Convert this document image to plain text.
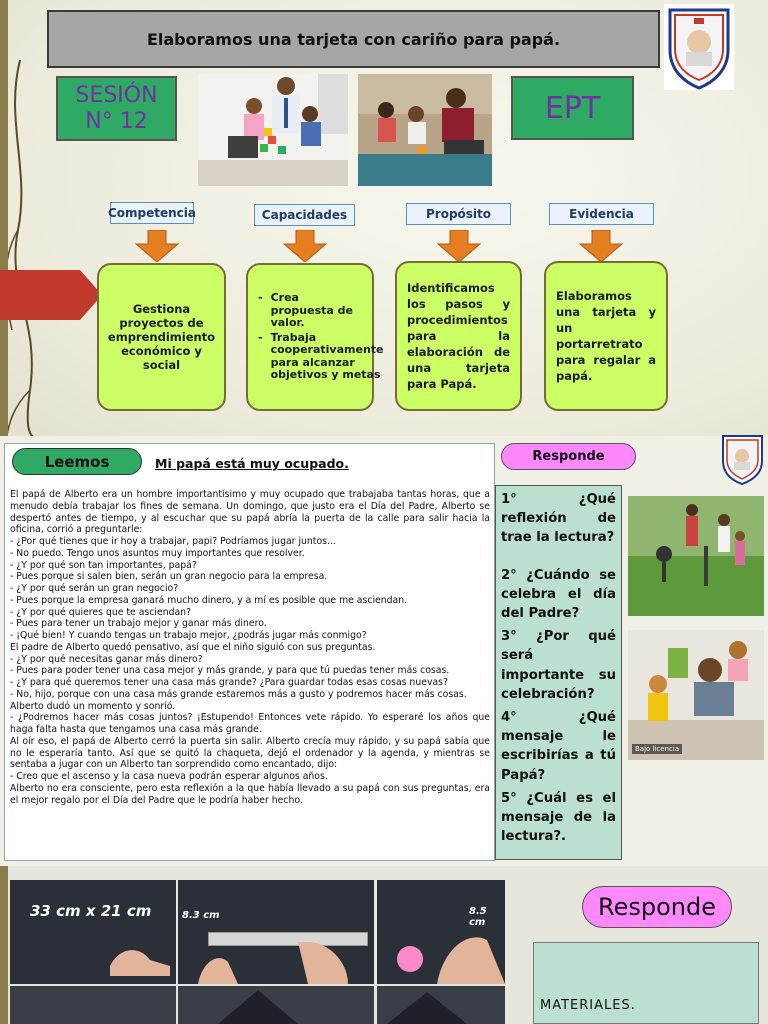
Elaboramos una tarjeta con cariño para papá.
SESIÓN
N° 12	EPT
Competencia	Capacidades	Propósito	Evidencia
Gestiona proyectos de emprendimiento económico y social
- Crea propuesta de valor.
- Trabaja cooperativamente para alcanzar objetivos y metas
Identificamos los pasos y procedimientos para la elaboración de una tarjeta para Papá.
Elaboramos una tarjeta y un portarretrato para regalar a papá.
Leemos	Mi papá está muy ocupado.

El papá de Alberto era un hombre importantísimo y muy ocupado que trabajaba tantas horas, que a menudo debía trabajar los fines de semana. Un domingo, que justo era el Día del Padre, Alberto se despertó antes de tiempo, y al escuchar que su papá abría la puerta de la calle para salir hacia la oficina, corrió a preguntarle:

- ¿Por qué tienes que ir hoy a trabajar, papi? Podríamos jugar juntos...

- No puedo. Tengo unos asuntos muy importantes que resolver.

- ¿Y por qué son tan importantes, papá?

- Pues porque si salen bien, serán un gran negocio para la empresa.

- ¿Y por qué serán un gran negocio?

- Pues porque la empresa ganará mucho dinero, y a mí es posible que me asciendan.

- ¿Y por qué quieres que te asciendan?

- Pues para tener un trabajo mejor y ganar más dinero.

- ¡Qué bien! Y cuando tengas un trabajo mejor, ¿podrás jugar más conmigo?

El padre de Alberto quedó pensativo, así que el niño siguió con sus preguntas.

- ¿Y por qué necesitas ganar más dinero?

- Pues para poder tener una casa mejor y más grande, y para que tú puedas tener más cosas.

- ¿Y para qué queremos tener una casa más grande? ¿Para guardar todas esas cosas nuevas?

- No, hijo, porque con una casa más grande estaremos más a gusto y podremos hacer más cosas.

Alberto dudó un momento y sonrió.

- ¿Podremos hacer más cosas juntos? ¡Estupendo! Entonces vete rápido. Yo esperaré los años que haga falta hasta que tengamos una casa más grande.

Al oír eso, el papá de Alberto cerró la puerta sin salir. Alberto crecía muy rápido, y su papá sabía que no le esperaría tanto. Así que se quitó la chaqueta, dejó el ordenador y la agenda, y mientras se sentaba a jugar con un Alberto tan sorprendido como encantado, dijo:

- Creo que el ascenso y la casa nueva podrán esperar algunos años.

Alberto no era consciente, pero esta reflexión a la que había llevado a su papá con sus preguntas, era el mejor regalo por el Día del Padre que le podría haber hecho.

Responde

1° ¿Qué reflexión de trae la lectura?

2° ¿Cuándo se celebra el día del Padre?

3° ¿Por qué será importante su celebración?

4° ¿Qué mensaje le escribirías a tú Papá?

5° ¿Cuál es el mensaje de la lectura?.

Bajo licencia
33 cm x 21 cm	8.3 cm	8.5 cm
Responde
MATERIALES.
